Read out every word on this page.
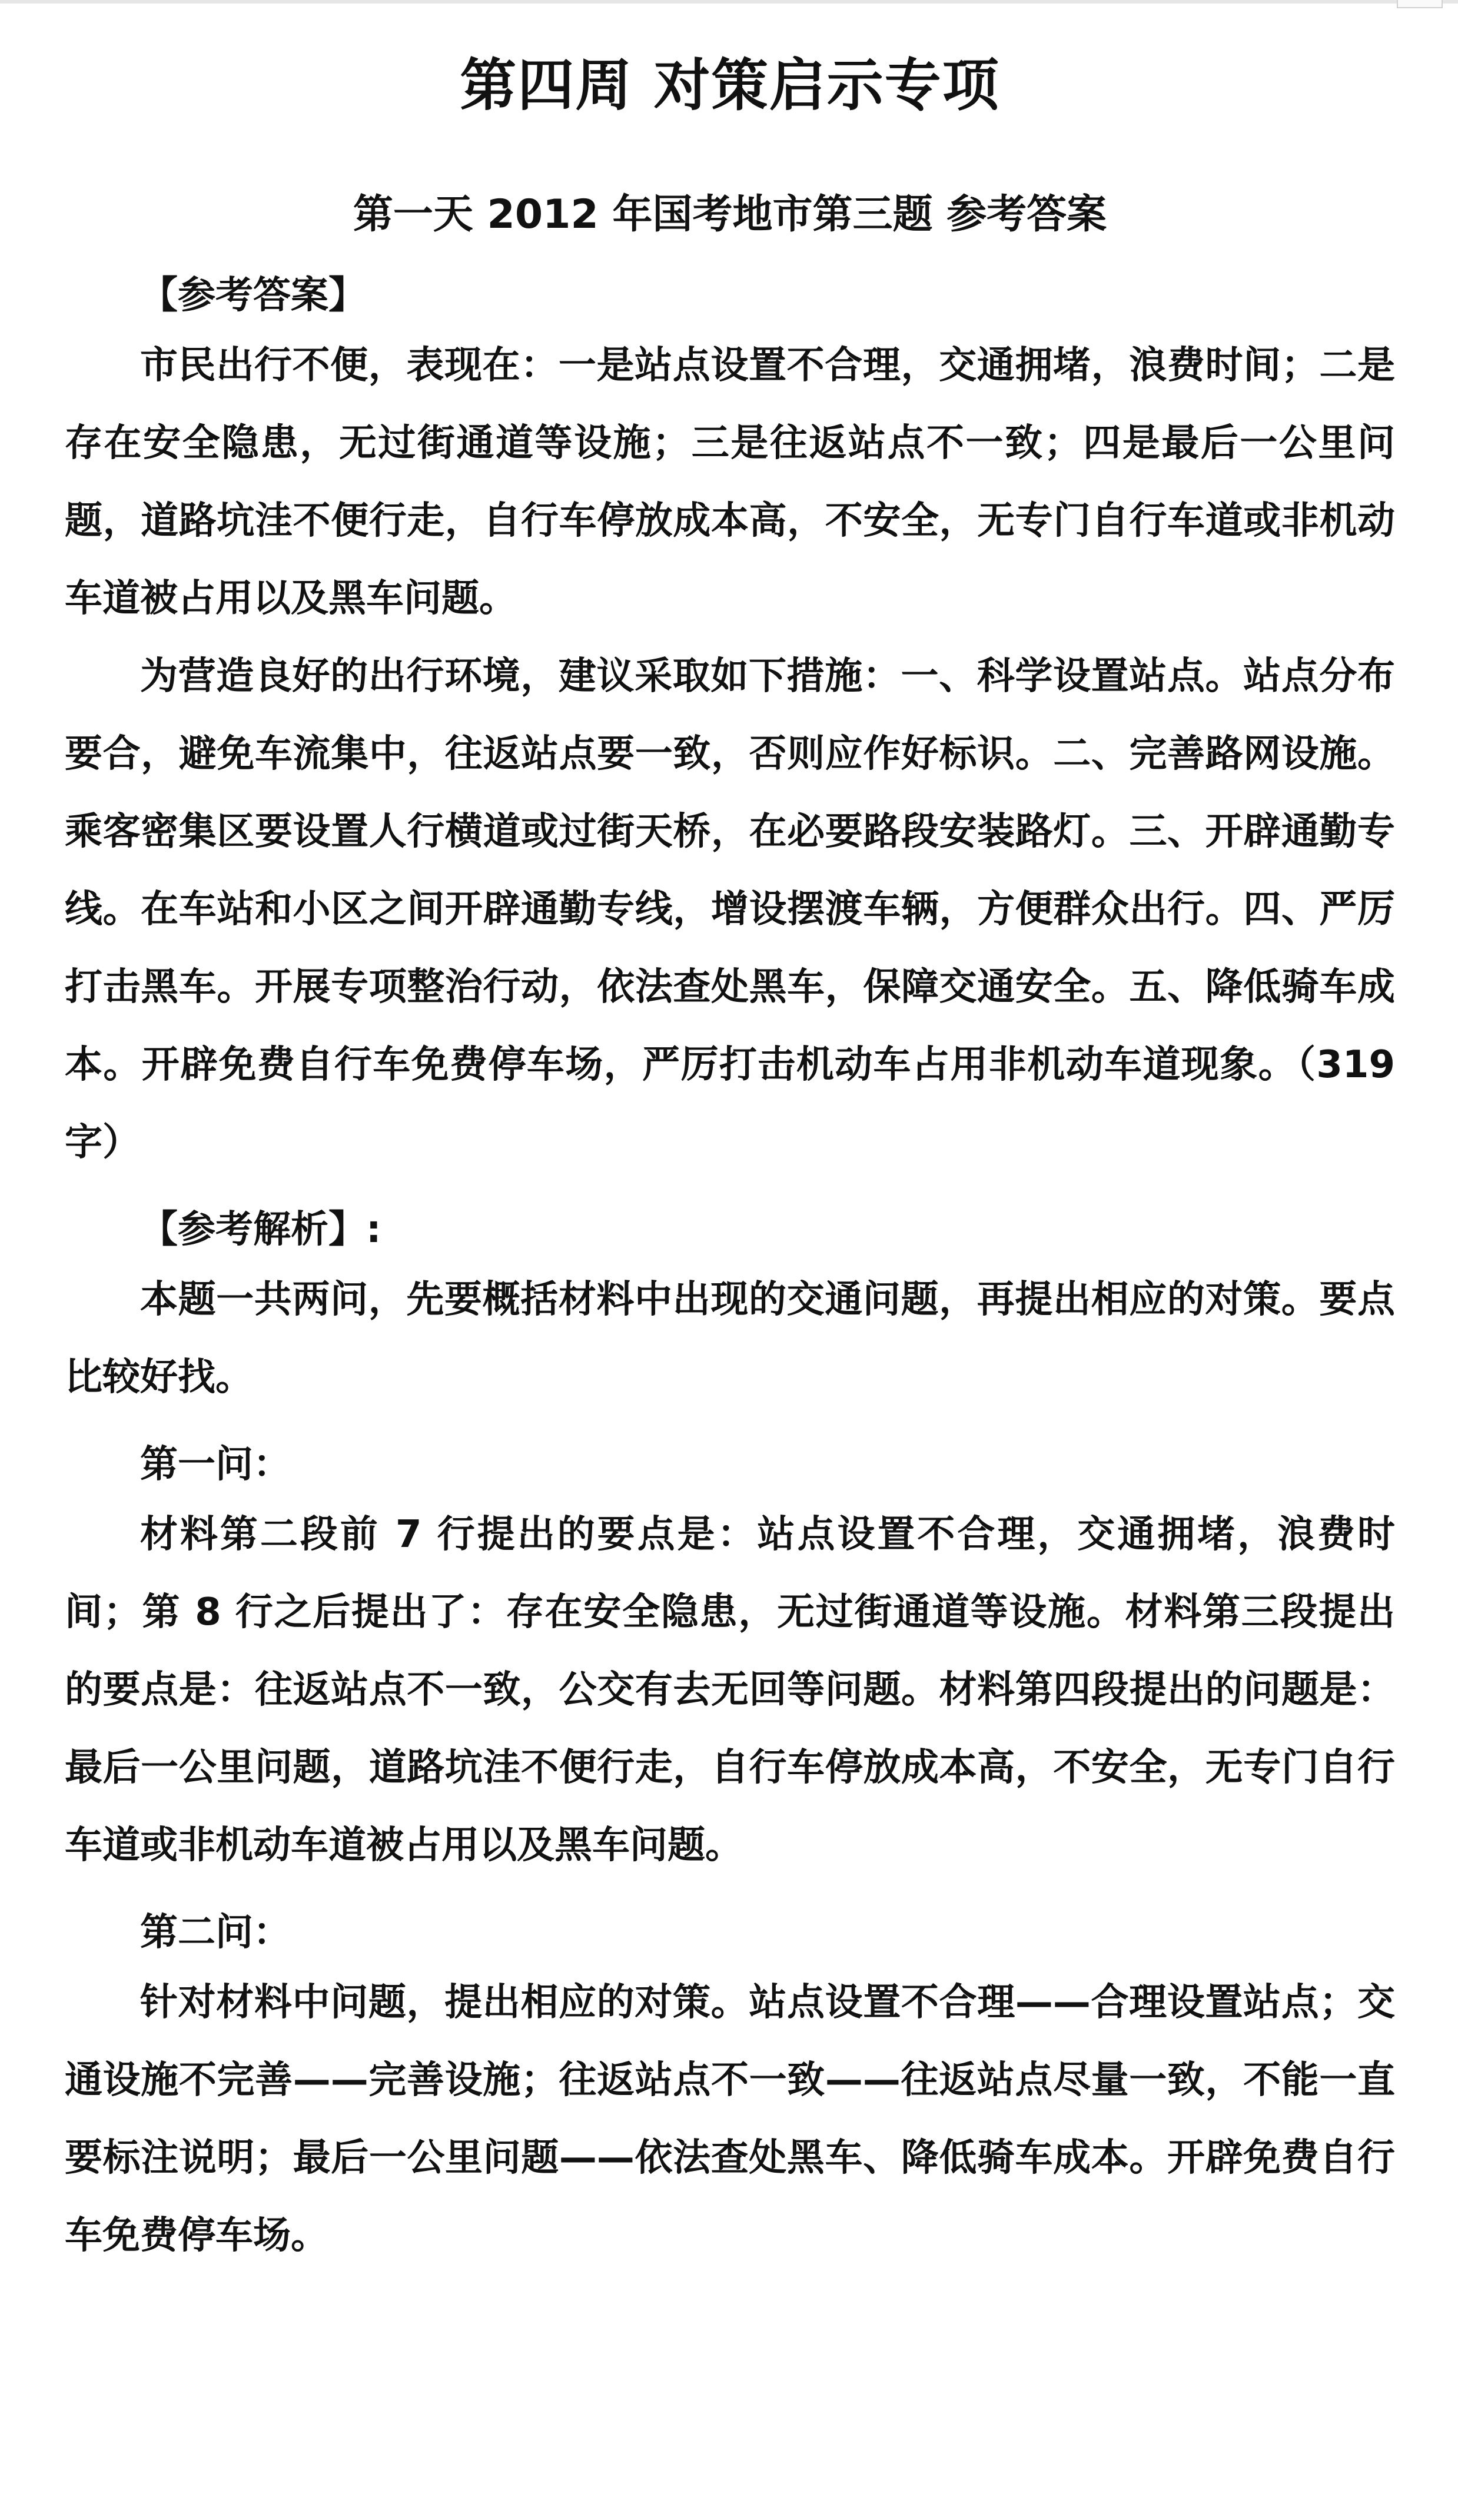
第四周 对策启示专项
第一天 2012 年国考地市第三题 参考答案
【参考答案】

市民出行不便，表现在：一是站点设置不合理，交通拥堵，浪费时间；二是存在安全隐患，无过街通道等设施；三是往返站点不一致；四是最后一公里问题，道路坑洼不便行走，自行车停放成本高，不安全，无专门自行车道或非机动车道被占用以及黑车问题。

为营造良好的出行环境，建议采取如下措施：一、科学设置站点。站点分布要合，避免车流集中，往返站点要一致，否则应作好标识。二、完善路网设施。乘客密集区要设置人行横道或过街天桥，在必要路段安装路灯。三、开辟通勤专线。在车站和小区之间开辟通勤专线，增设摆渡车辆，方便群众出行。四、严厉打击黑车。开展专项整治行动，依法查处黑车，保障交通安全。五、降低骑车成本。开辟免费自行车免费停车场，严厉打击机动车占用非机动车道现象。（319字）

【参考解析】:

本题一共两问，先要概括材料中出现的交通问题，再提出相应的对策。要点比较好找。

第一问：

材料第二段前 7 行提出的要点是：站点设置不合理，交通拥堵，浪费时间；第 8 行之后提出了：存在安全隐患，无过街通道等设施。材料第三段提出的要点是：往返站点不一致，公交有去无回等问题。材料第四段提出的问题是：最后一公里问题，道路坑洼不便行走，自行车停放成本高，不安全，无专门自行车道或非机动车道被占用以及黑车问题。

第二问：

针对材料中问题，提出相应的对策。站点设置不合理——合理设置站点；交通设施不完善——完善设施；往返站点不一致——往返站点尽量一致，不能一直要标注说明；最后一公里问题——依法查处黑车、降低骑车成本。开辟免费自行车免费停车场。
